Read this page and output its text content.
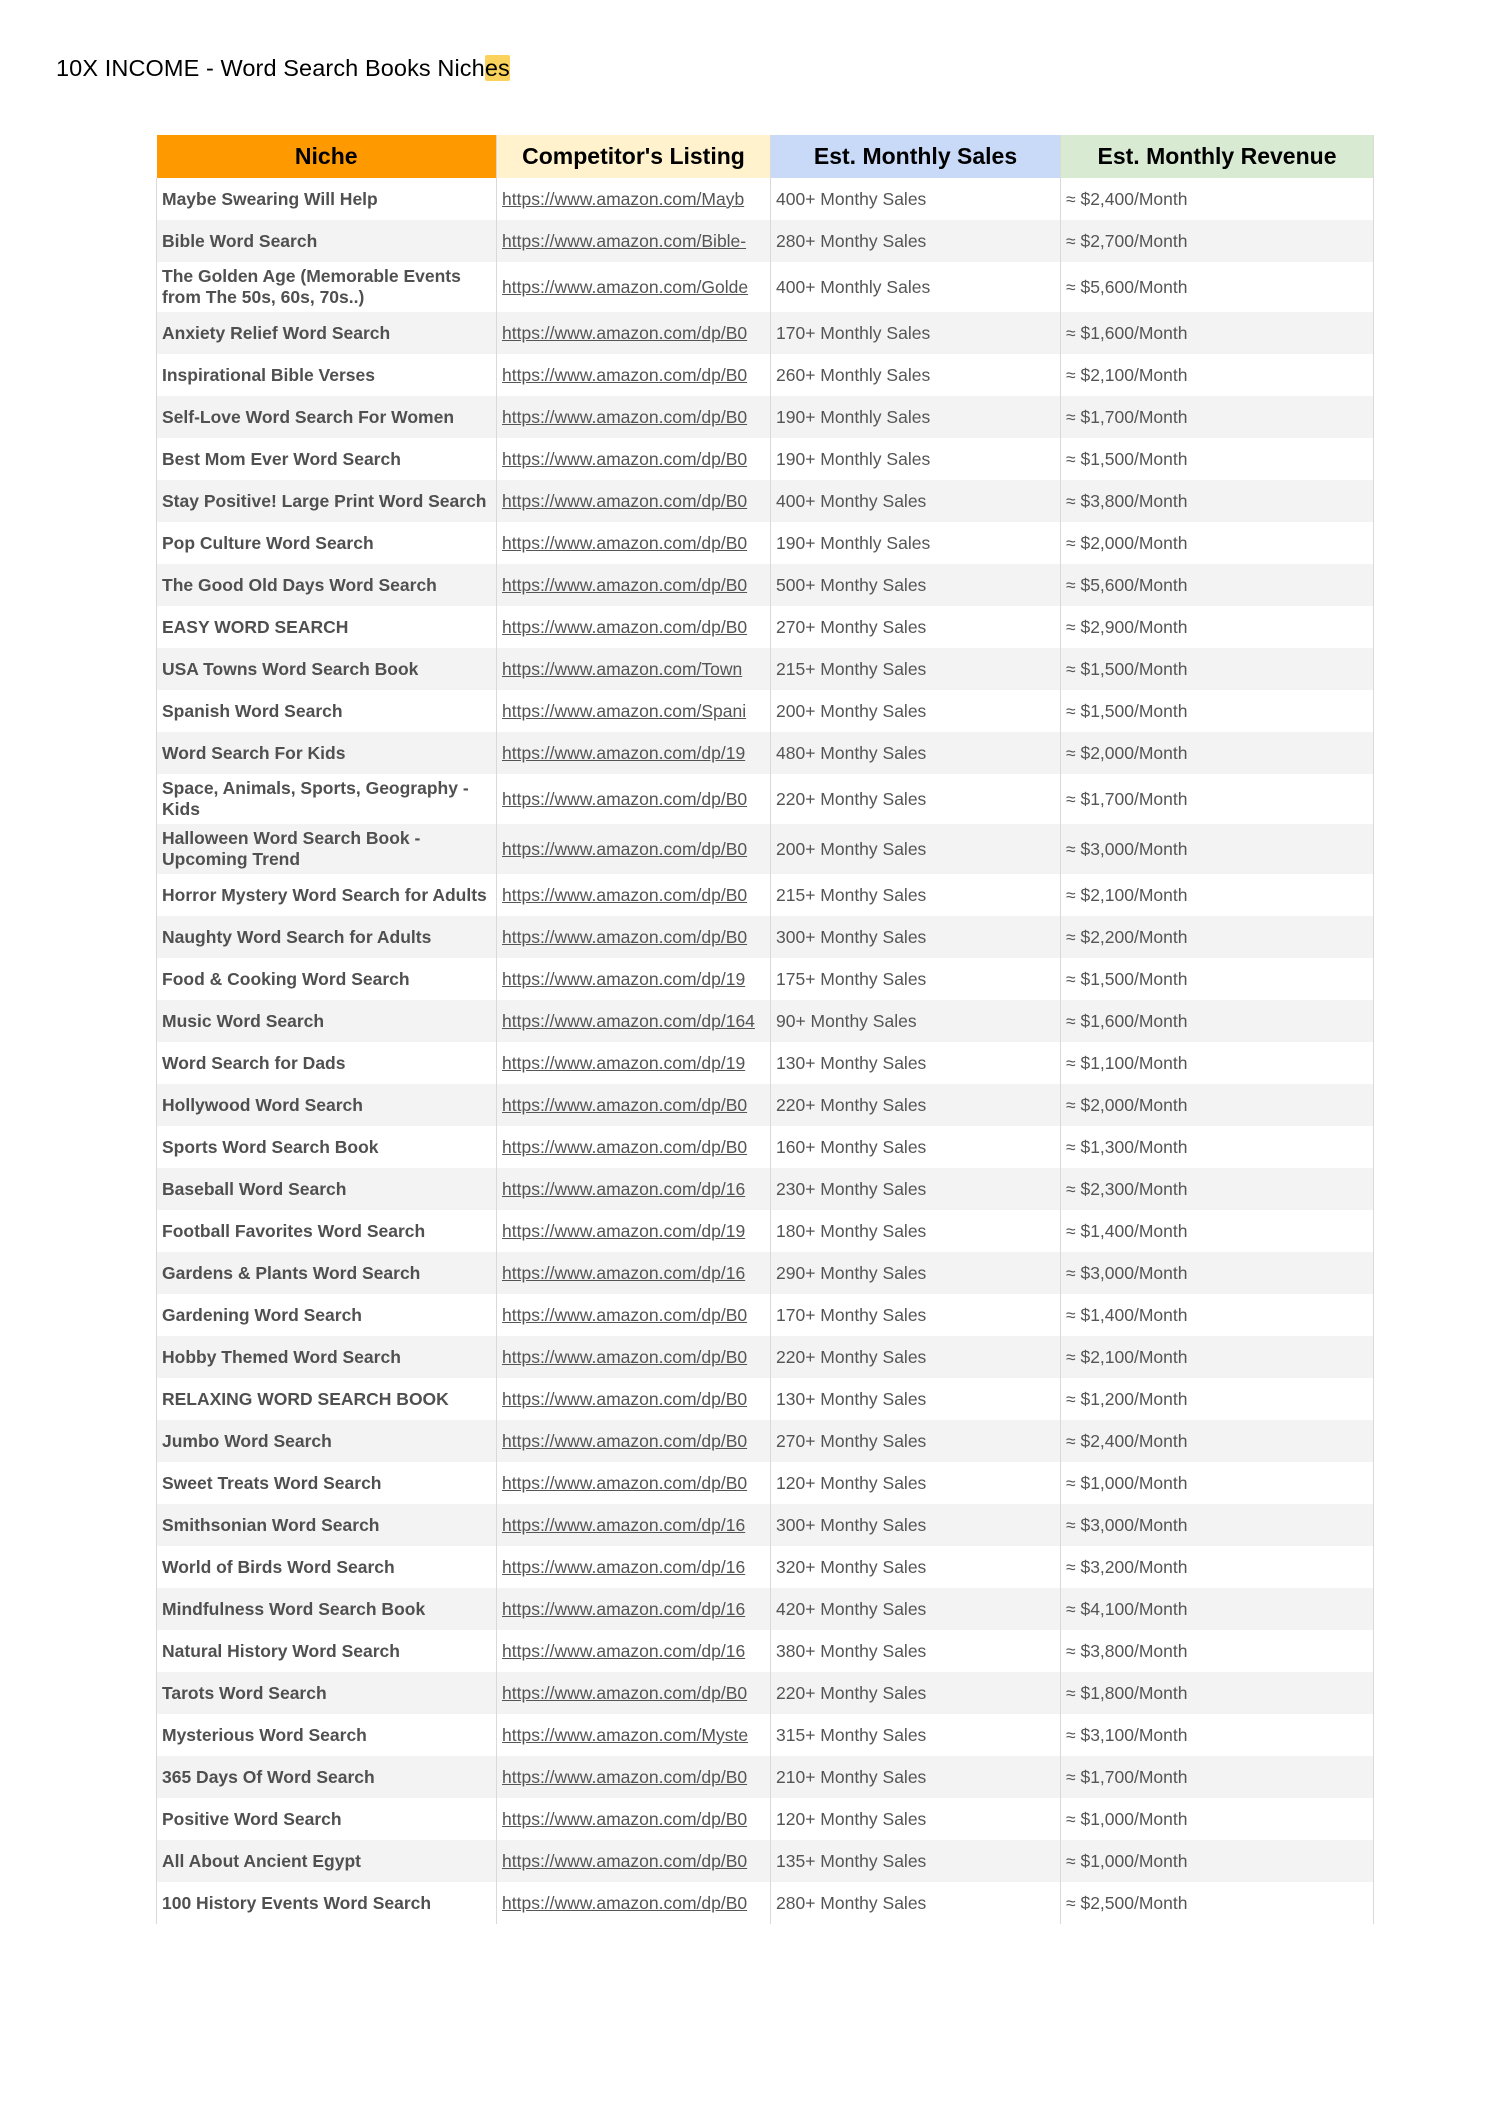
10X INCOME - Word Search Books Niches
Niche	Competitor's Listing	Est. Monthly Sales	Est. Monthly Revenue
Maybe Swearing Will Help	https://www.amazon.com/Mayb	400+ Monthy Sales	≈ $2,400/Month
Bible Word Search	https://www.amazon.com/Bible-	280+ Monthy Sales	≈ $2,700/Month
The Golden Age (Memorable Events from The 50s, 60s, 70s..)	https://www.amazon.com/Golde	400+ Monthly Sales	≈ $5,600/Month
Anxiety Relief Word Search	https://www.amazon.com/dp/B0	170+ Monthly Sales	≈ $1,600/Month
Inspirational Bible Verses	https://www.amazon.com/dp/B0	260+ Monthly Sales	≈ $2,100/Month
Self-Love Word Search For Women	https://www.amazon.com/dp/B0	190+ Monthly Sales	≈ $1,700/Month
Best Mom Ever Word Search	https://www.amazon.com/dp/B0	190+ Monthly Sales	≈ $1,500/Month
Stay Positive! Large Print Word Search	https://www.amazon.com/dp/B0	400+ Monthy Sales	≈ $3,800/Month
Pop Culture Word Search	https://www.amazon.com/dp/B0	190+ Monthly Sales	≈ $2,000/Month
The Good Old Days Word Search	https://www.amazon.com/dp/B0	500+ Monthy Sales	≈ $5,600/Month
EASY WORD SEARCH	https://www.amazon.com/dp/B0	270+ Monthy Sales	≈ $2,900/Month
USA Towns Word Search Book	https://www.amazon.com/Town	215+ Monthy Sales	≈ $1,500/Month
Spanish Word Search	https://www.amazon.com/Spani	200+ Monthy Sales	≈ $1,500/Month
Word Search For Kids	https://www.amazon.com/dp/19	480+ Monthy Sales	≈ $2,000/Month
Space, Animals, Sports, Geography - Kids	https://www.amazon.com/dp/B0	220+ Monthy Sales	≈ $1,700/Month
Halloween Word Search Book - Upcoming Trend	https://www.amazon.com/dp/B0	200+ Monthy Sales	≈ $3,000/Month
Horror Mystery Word Search for Adults	https://www.amazon.com/dp/B0	215+ Monthy Sales	≈ $2,100/Month
Naughty Word Search for Adults	https://www.amazon.com/dp/B0	300+ Monthy Sales	≈ $2,200/Month
Food & Cooking Word Search	https://www.amazon.com/dp/19	175+ Monthy Sales	≈ $1,500/Month
Music Word Search	https://www.amazon.com/dp/164	90+ Monthy Sales	≈ $1,600/Month
Word Search for Dads	https://www.amazon.com/dp/19	130+ Monthy Sales	≈ $1,100/Month
Hollywood Word Search	https://www.amazon.com/dp/B0	220+ Monthy Sales	≈ $2,000/Month
Sports Word Search Book	https://www.amazon.com/dp/B0	160+ Monthy Sales	≈ $1,300/Month
Baseball Word Search	https://www.amazon.com/dp/16	230+ Monthy Sales	≈ $2,300/Month
Football Favorites Word Search	https://www.amazon.com/dp/19	180+ Monthy Sales	≈ $1,400/Month
Gardens & Plants Word Search	https://www.amazon.com/dp/16	290+ Monthy Sales	≈ $3,000/Month
Gardening Word Search	https://www.amazon.com/dp/B0	170+ Monthy Sales	≈ $1,400/Month
Hobby Themed Word Search	https://www.amazon.com/dp/B0	220+ Monthy Sales	≈ $2,100/Month
RELAXING WORD SEARCH BOOK	https://www.amazon.com/dp/B0	130+ Monthy Sales	≈ $1,200/Month
Jumbo Word Search	https://www.amazon.com/dp/B0	270+ Monthy Sales	≈ $2,400/Month
Sweet Treats Word Search	https://www.amazon.com/dp/B0	120+ Monthy Sales	≈ $1,000/Month
Smithsonian Word Search	https://www.amazon.com/dp/16	300+ Monthy Sales	≈ $3,000/Month
World of Birds Word Search	https://www.amazon.com/dp/16	320+ Monthy Sales	≈ $3,200/Month
Mindfulness Word Search Book	https://www.amazon.com/dp/16	420+ Monthy Sales	≈ $4,100/Month
Natural History Word Search	https://www.amazon.com/dp/16	380+ Monthy Sales	≈ $3,800/Month
Tarots Word Search	https://www.amazon.com/dp/B0	220+ Monthy Sales	≈ $1,800/Month
Mysterious Word Search	https://www.amazon.com/Myste	315+ Monthy Sales	≈ $3,100/Month
365 Days Of Word Search	https://www.amazon.com/dp/B0	210+ Monthy Sales	≈ $1,700/Month
Positive Word Search	https://www.amazon.com/dp/B0	120+ Monthy Sales	≈ $1,000/Month
All About Ancient Egypt	https://www.amazon.com/dp/B0	135+ Monthy Sales	≈ $1,000/Month
100 History Events Word Search	https://www.amazon.com/dp/B0	280+ Monthy Sales	≈ $2,500/Month
